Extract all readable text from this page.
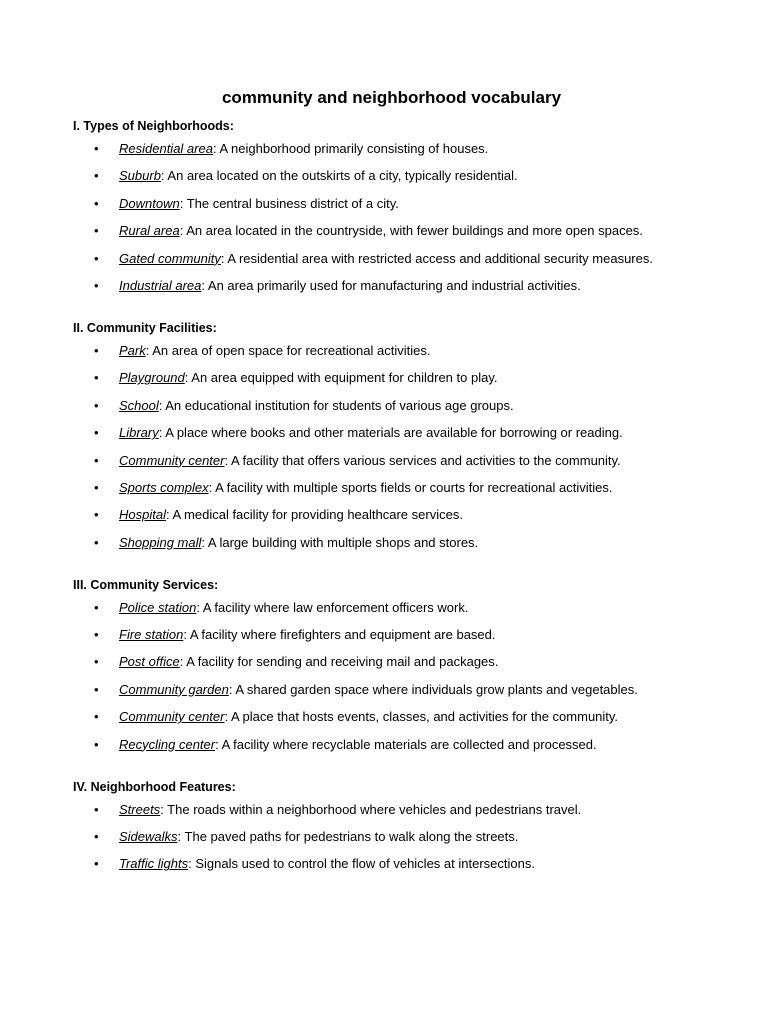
community and neighborhood vocabulary
I. Types of Neighborhoods:
• Residential area: A neighborhood primarily consisting of houses.
• Suburb: An area located on the outskirts of a city, typically residential.
• Downtown: The central business district of a city.
• Rural area: An area located in the countryside, with fewer buildings and more open spaces.
• Gated community: A residential area with restricted access and additional security measures.
• Industrial area: An area primarily used for manufacturing and industrial activities.
II. Community Facilities:
• Park: An area of open space for recreational activities.
• Playground: An area equipped with equipment for children to play.
• School: An educational institution for students of various age groups.
• Library: A place where books and other materials are available for borrowing or reading.
• Community center: A facility that offers various services and activities to the community.
• Sports complex: A facility with multiple sports fields or courts for recreational activities.
• Hospital: A medical facility for providing healthcare services.
• Shopping mall: A large building with multiple shops and stores.
III. Community Services:
• Police station: A facility where law enforcement officers work.
• Fire station: A facility where firefighters and equipment are based.
• Post office: A facility for sending and receiving mail and packages.
• Community garden: A shared garden space where individuals grow plants and vegetables.
• Community center: A place that hosts events, classes, and activities for the community.
• Recycling center: A facility where recyclable materials are collected and processed.
IV. Neighborhood Features:
• Streets: The roads within a neighborhood where vehicles and pedestrians travel.
• Sidewalks: The paved paths for pedestrians to walk along the streets.
• Traffic lights: Signals used to control the flow of vehicles at intersections.
